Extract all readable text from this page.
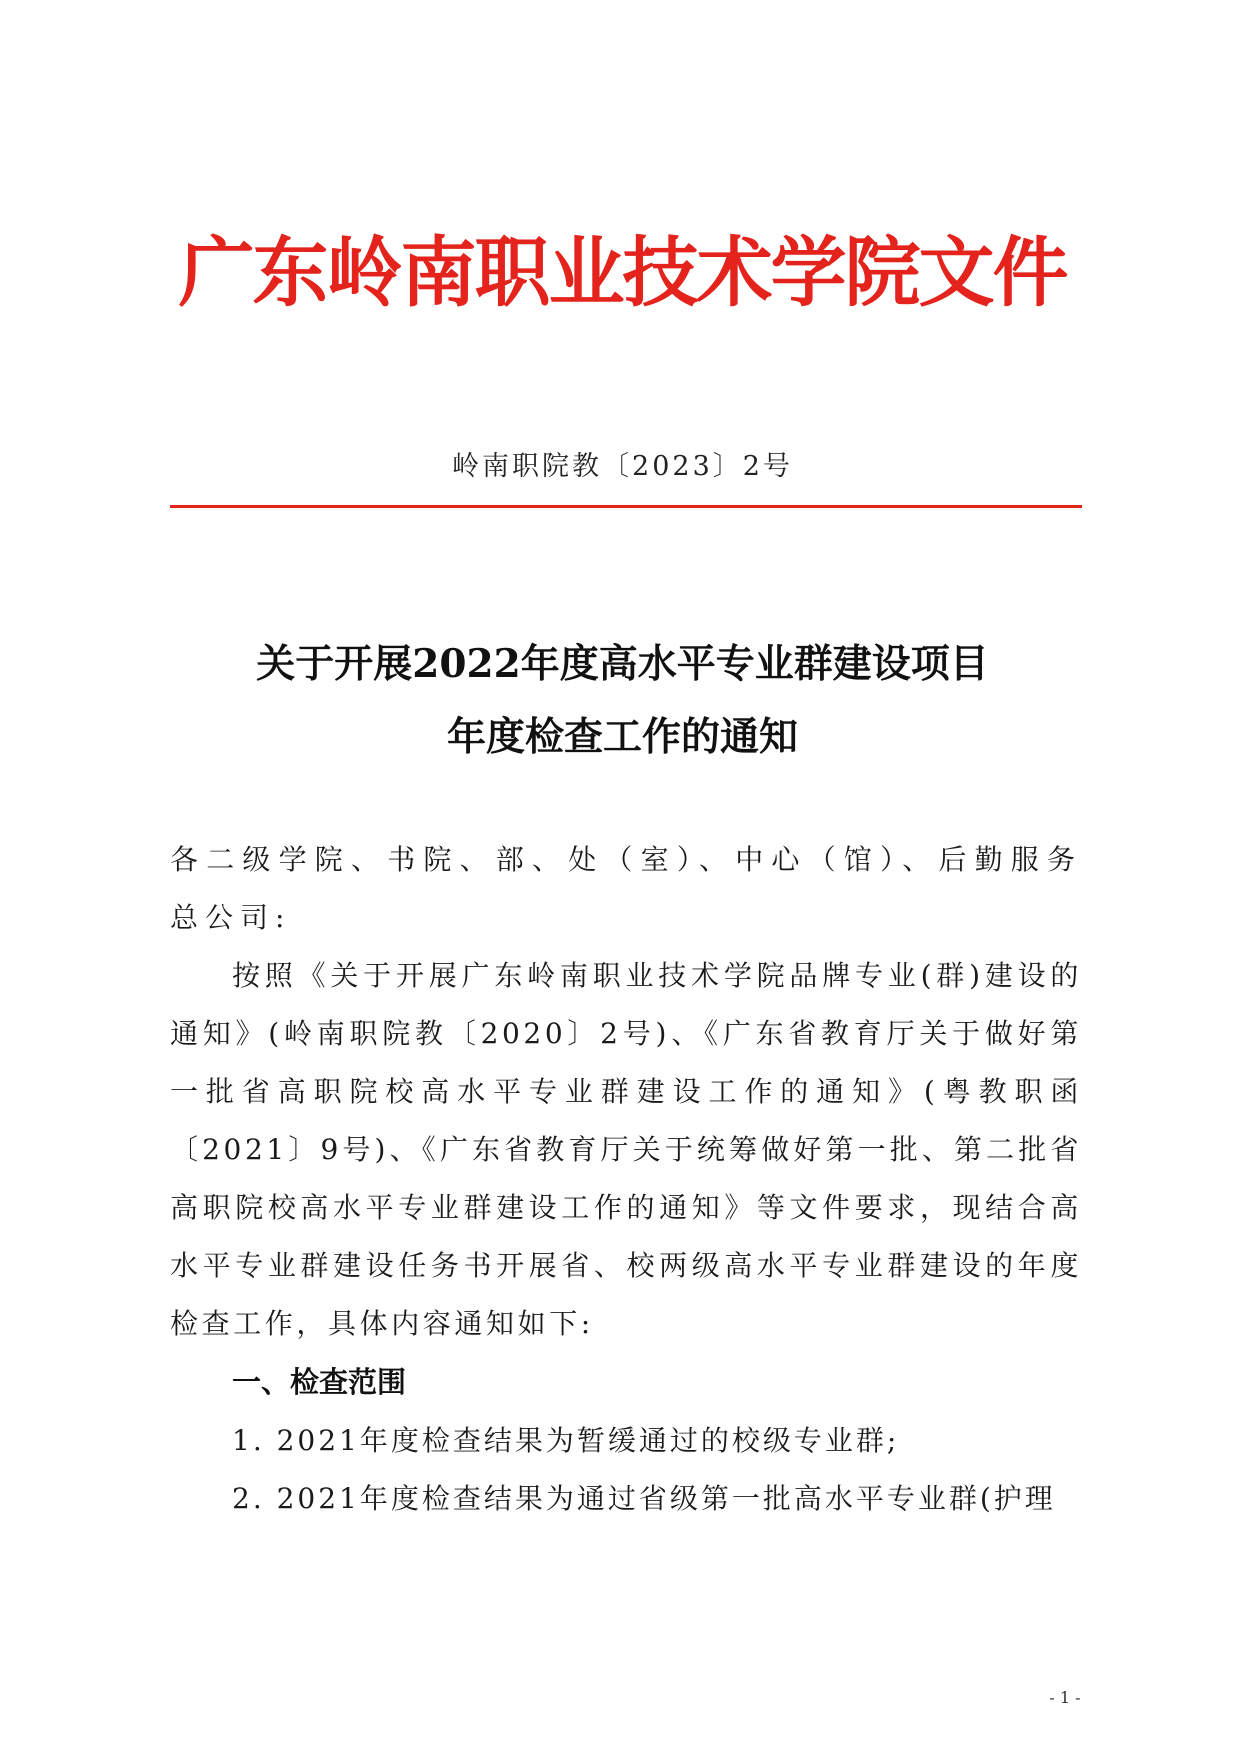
广东岭南职业技术学院文件
岭南职院教〔2023〕2号
关于开展2022年度高水平专业群建设项目
年度检查工作的通知
各二级学院、书院、部、处（室）、中心（馆）、后勤服务总公司:
按照《关于开展广东岭南职业技术学院品牌专业(群)建设的通知》(岭南职院教〔2020〕2号)、《广东省教育厅关于做好第一批省高职院校高水平专业群建设工作的通知》(粤教职函〔2021〕9号)、《广东省教育厅关于统筹做好第一批、第二批省高职院校高水平专业群建设工作的通知》等文件要求，现结合高水平专业群建设任务书开展省、校两级高水平专业群建设的年度检查工作，具体内容通知如下:
一、检查范围
1. 2021年度检查结果为暂缓通过的校级专业群;
2. 2021年度检查结果为通过省级第一批高水平专业群(护理
- 1 -
